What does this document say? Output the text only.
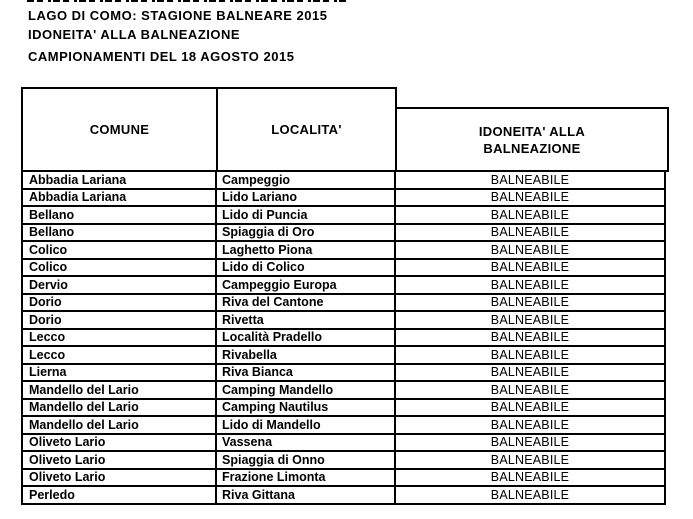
LAGO DI COMO: STAGIONE BALNEARE 2015
IDONEITA' ALLA BALNEAZIONE
CAMPIONAMENTI DEL 18 AGOSTO 2015
COMUNE	LOCALITA'	IDONEITA' ALLA BALNEAZIONE
Abbadia Lariana	Campeggio	BALNEABILE
Abbadia Lariana	Lido Lariano	BALNEABILE
Bellano	Lido di Puncia	BALNEABILE
Bellano	Spiaggia di Oro	BALNEABILE
Colico	Laghetto Piona	BALNEABILE
Colico	Lido di Colico	BALNEABILE
Dervio	Campeggio Europa	BALNEABILE
Dorio	Riva del Cantone	BALNEABILE
Dorio	Rivetta	BALNEABILE
Lecco	Località Pradello	BALNEABILE
Lecco	Rivabella	BALNEABILE
Lierna	Riva Bianca	BALNEABILE
Mandello del Lario	Camping Mandello	BALNEABILE
Mandello del Lario	Camping Nautilus	BALNEABILE
Mandello del Lario	Lido di Mandello	BALNEABILE
Oliveto Lario	Vassena	BALNEABILE
Oliveto Lario	Spiaggia di Onno	BALNEABILE
Oliveto Lario	Frazione Limonta	BALNEABILE
Perledo	Riva Gittana	BALNEABILE
